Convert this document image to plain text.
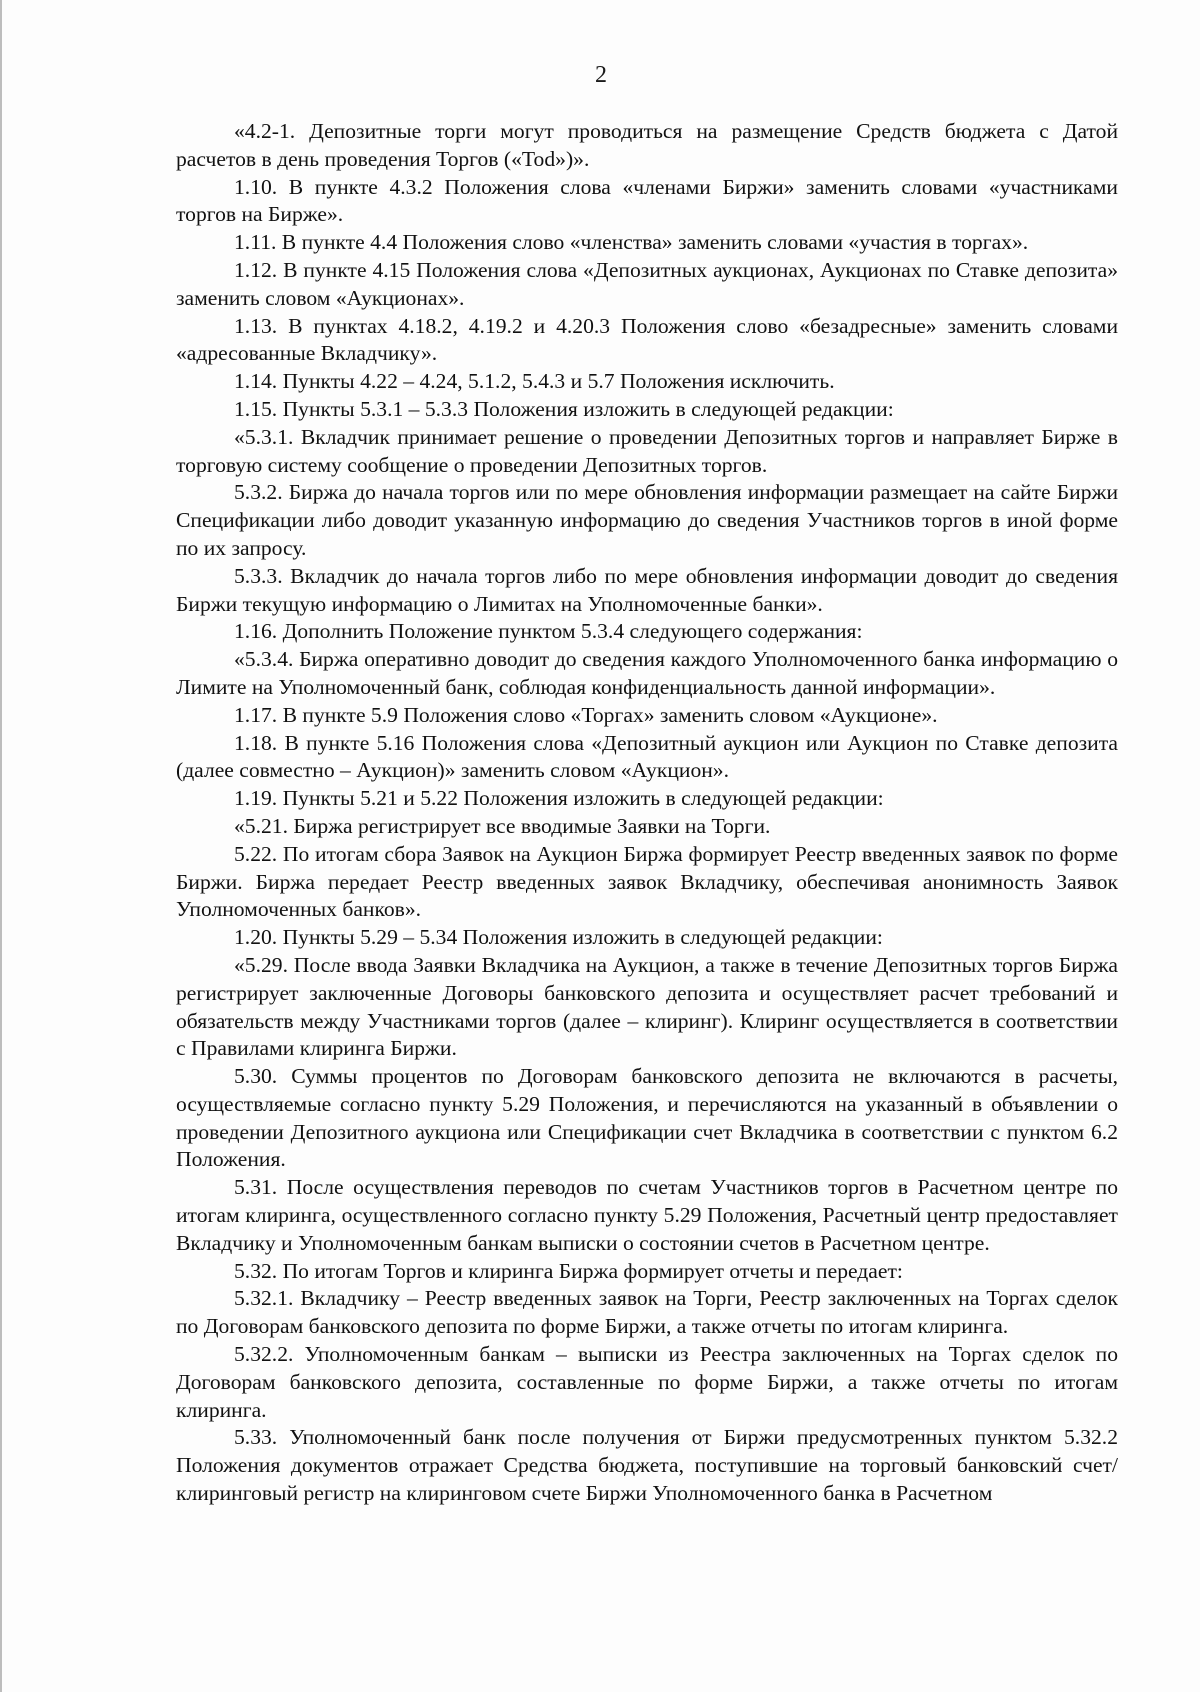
2

«4.2-1. Депозитные торги могут проводиться на размещение Средств бюджета с Датой расчетов в день проведения Торгов («Tod»)».

1.10. В пункте 4.3.2 Положения слова «членами Биржи» заменить словами «участниками торгов на Бирже».

1.11. В пункте 4.4 Положения слово «членства» заменить словами «участия в торгах».

1.12. В пункте 4.15 Положения слова «Депозитных аукционах, Аукционах по Ставке депозита» заменить словом «Аукционах».

1.13. В пунктах 4.18.2, 4.19.2 и 4.20.3 Положения слово «безадресные» заменить словами «адресованные Вкладчику».

1.14. Пункты 4.22 – 4.24, 5.1.2, 5.4.3 и 5.7 Положения исключить.

1.15. Пункты 5.3.1 – 5.3.3 Положения изложить в следующей редакции:

«5.3.1. Вкладчик принимает решение о проведении Депозитных торгов и направляет Бирже в торговую систему сообщение о проведении Депозитных торгов.

5.3.2. Биржа до начала торгов или по мере обновления информации размещает на сайте Биржи Спецификации либо доводит указанную информацию до сведения Участников торгов в иной форме по их запросу.

5.3.3. Вкладчик до начала торгов либо по мере обновления информации доводит до сведения Биржи текущую информацию о Лимитах на Уполномоченные банки».

1.16. Дополнить Положение пунктом 5.3.4 следующего содержания:

«5.3.4. Биржа оперативно доводит до сведения каждого Уполномоченного банка информацию о Лимите на Уполномоченный банк, соблюдая конфиденциальность данной информации».

1.17. В пункте 5.9 Положения слово «Торгах» заменить словом «Аукционе».

1.18. В пункте 5.16 Положения слова «Депозитный аукцион или Аукцион по Ставке депозита (далее совместно – Аукцион)» заменить словом «Аукцион».

1.19. Пункты 5.21 и 5.22 Положения изложить в следующей редакции:

«5.21. Биржа регистрирует все вводимые Заявки на Торги.

5.22. По итогам сбора Заявок на Аукцион Биржа формирует Реестр введенных заявок по форме Биржи. Биржа передает Реестр введенных заявок Вкладчику, обеспечивая анонимность Заявок Уполномоченных банков».

1.20. Пункты 5.29 – 5.34 Положения изложить в следующей редакции:

«5.29. После ввода Заявки Вкладчика на Аукцион, а также в течение Депозитных торгов Биржа регистрирует заключенные Договоры банковского депозита и осуществляет расчет требований и обязательств между Участниками торгов (далее – клиринг). Клиринг осуществляется в соответствии с Правилами клиринга Биржи.

5.30. Суммы процентов по Договорам банковского депозита не включаются в расчеты, осуществляемые согласно пункту 5.29 Положения, и перечисляются на указанный в объявлении о проведении Депозитного аукциона или Спецификации счет Вкладчика в соответствии с пунктом 6.2 Положения.

5.31. После осуществления переводов по счетам Участников торгов в Расчетном центре по итогам клиринга, осуществленного согласно пункту 5.29 Положения, Расчетный центр предоставляет Вкладчику и Уполномоченным банкам выписки о состоянии счетов в Расчетном центре.

5.32. По итогам Торгов и клиринга Биржа формирует отчеты и передает:

5.32.1. Вкладчику – Реестр введенных заявок на Торги, Реестр заключенных на Торгах сделок по Договорам банковского депозита по форме Биржи, а также отчеты по итогам клиринга.

5.32.2. Уполномоченным банкам – выписки из Реестра заключенных на Торгах сделок по Договорам банковского депозита, составленные по форме Биржи, а также отчеты по итогам клиринга.

5.33. Уполномоченный банк после получения от Биржи предусмотренных пунктом 5.32.2 Положения документов отражает Средства бюджета, поступившие на торговый банковский счет/клиринговый регистр на клиринговом счете Биржи Уполномоченного банка в Расчетном
